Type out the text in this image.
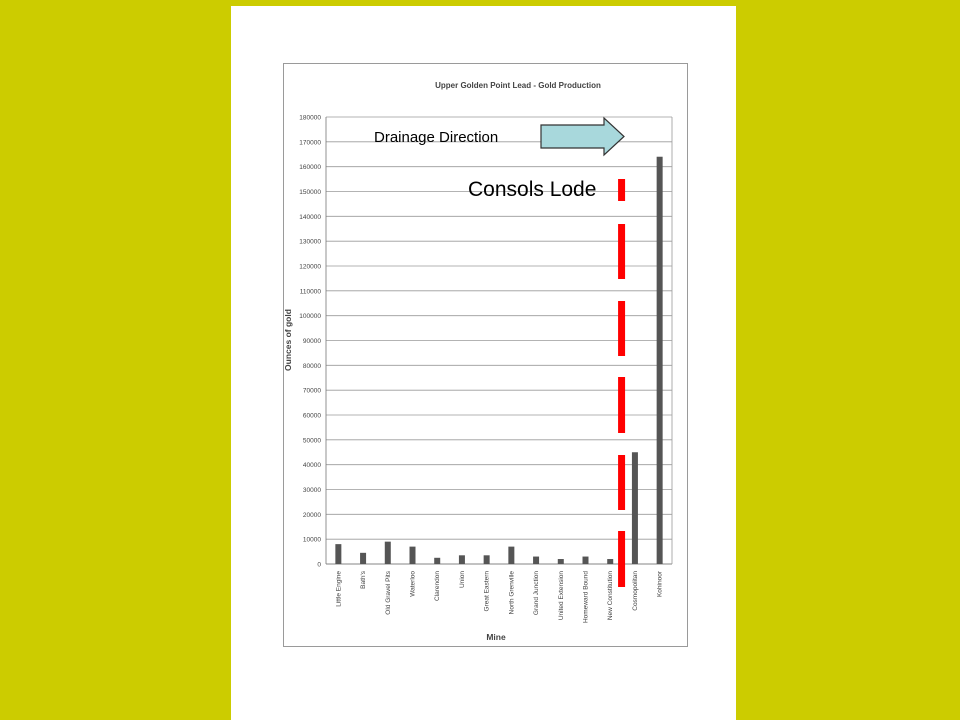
Upper Golden Point Lead - Gold Production
Ounces of gold
Mine
0
10000
20000
30000
40000
50000
60000
70000
80000
90000
100000
110000
120000
130000
140000
150000
160000
170000
180000
Little Engine	Bath's	Old Gravel Pits	Waterloo	Clarendon	Union	Great Eastern	North Grenville	Grand Junction	United Extension	Homeward Bound	New Constitution	Cosmopolitan	Kohinoor
Drainage Direction
Consols Lode
